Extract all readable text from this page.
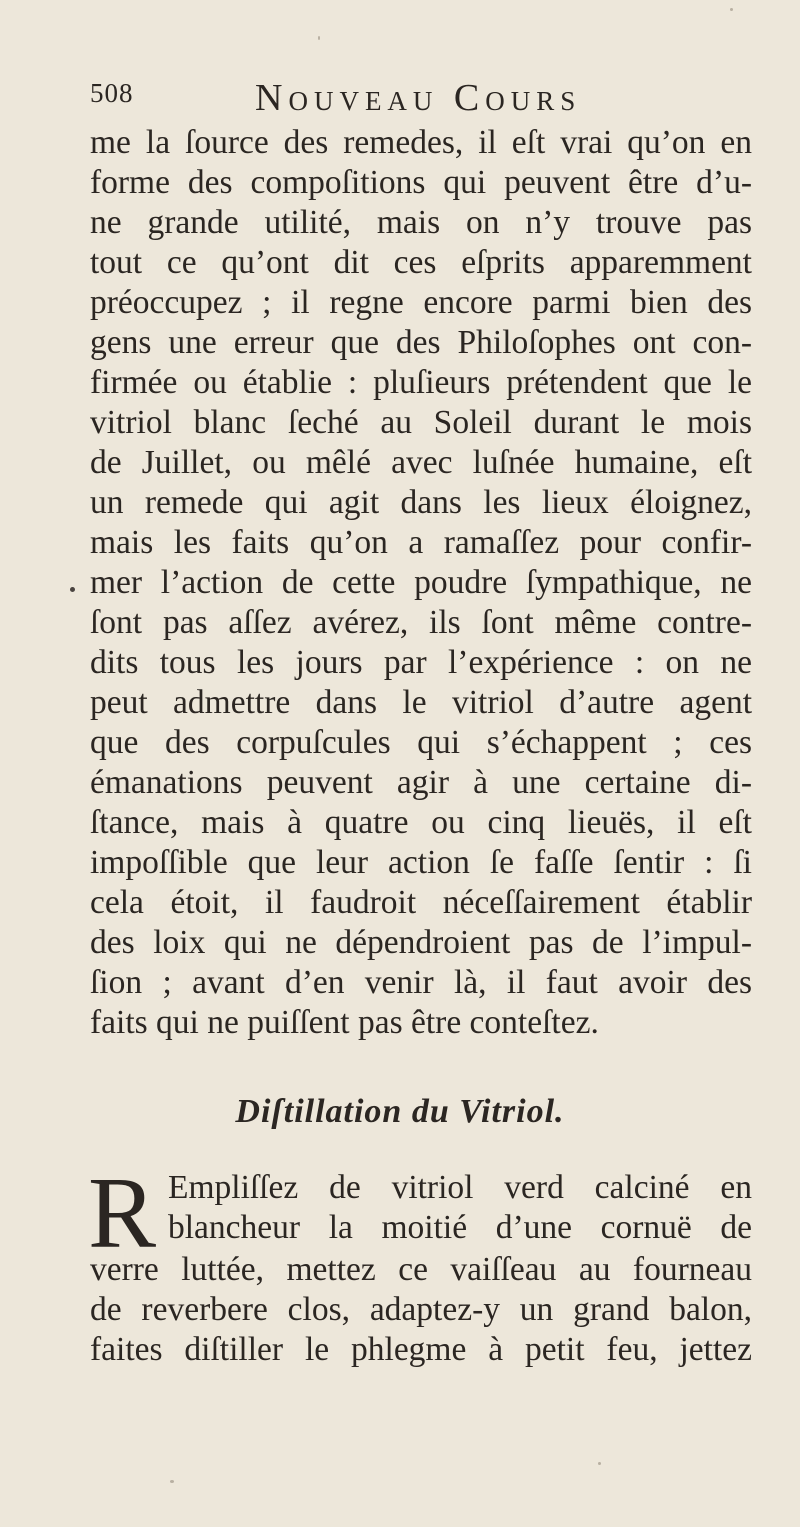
508	Nouveau Cours

me la ſource des remedes, il eſt vrai qu’on en

forme des compoſitions qui peuvent être d’u-

ne grande utilité, mais on n’y trouve pas

tout ce qu’ont dit ces eſprits apparemment

préoccupez ; il regne encore parmi bien des

gens une erreur que des Philoſophes ont con-

firmée ou établie : pluſieurs prétendent que le

vitriol blanc ſeché au Soleil durant le mois

de Juillet, ou mêlé avec luſnée humaine, eſt

un remede qui agit dans les lieux éloignez,

mais les faits qu’on a ramaſſez pour confir-

mer l’action de cette poudre ſympathique, ne

ſont pas aſſez avérez, ils ſont même contre-

dits tous les jours par l’expérience : on ne

peut admettre dans le vitriol d’autre agent

que des corpuſcules qui s’échappent ; ces

émanations peuvent agir à une certaine di-

ſtance, mais à quatre ou cinq lieuës, il eſt

impoſſible que leur action ſe faſſe ſentir : ſi

cela étoit, il faudroit néceſſairement établir

des loix qui ne dépendroient pas de l’impul-

ſion ; avant d’en venir là, il faut avoir des

faits qui ne puiſſent pas être conteſtez.

Diſtillation du Vitriol.
R Empliſſez de vitriol verd calciné en

blancheur la moitié d’une cornuë de

verre luttée, mettez ce vaiſſeau au fourneau

de reverbere clos, adaptez-y un grand balon,

faites diſtiller le phlegme à petit feu, jettez
